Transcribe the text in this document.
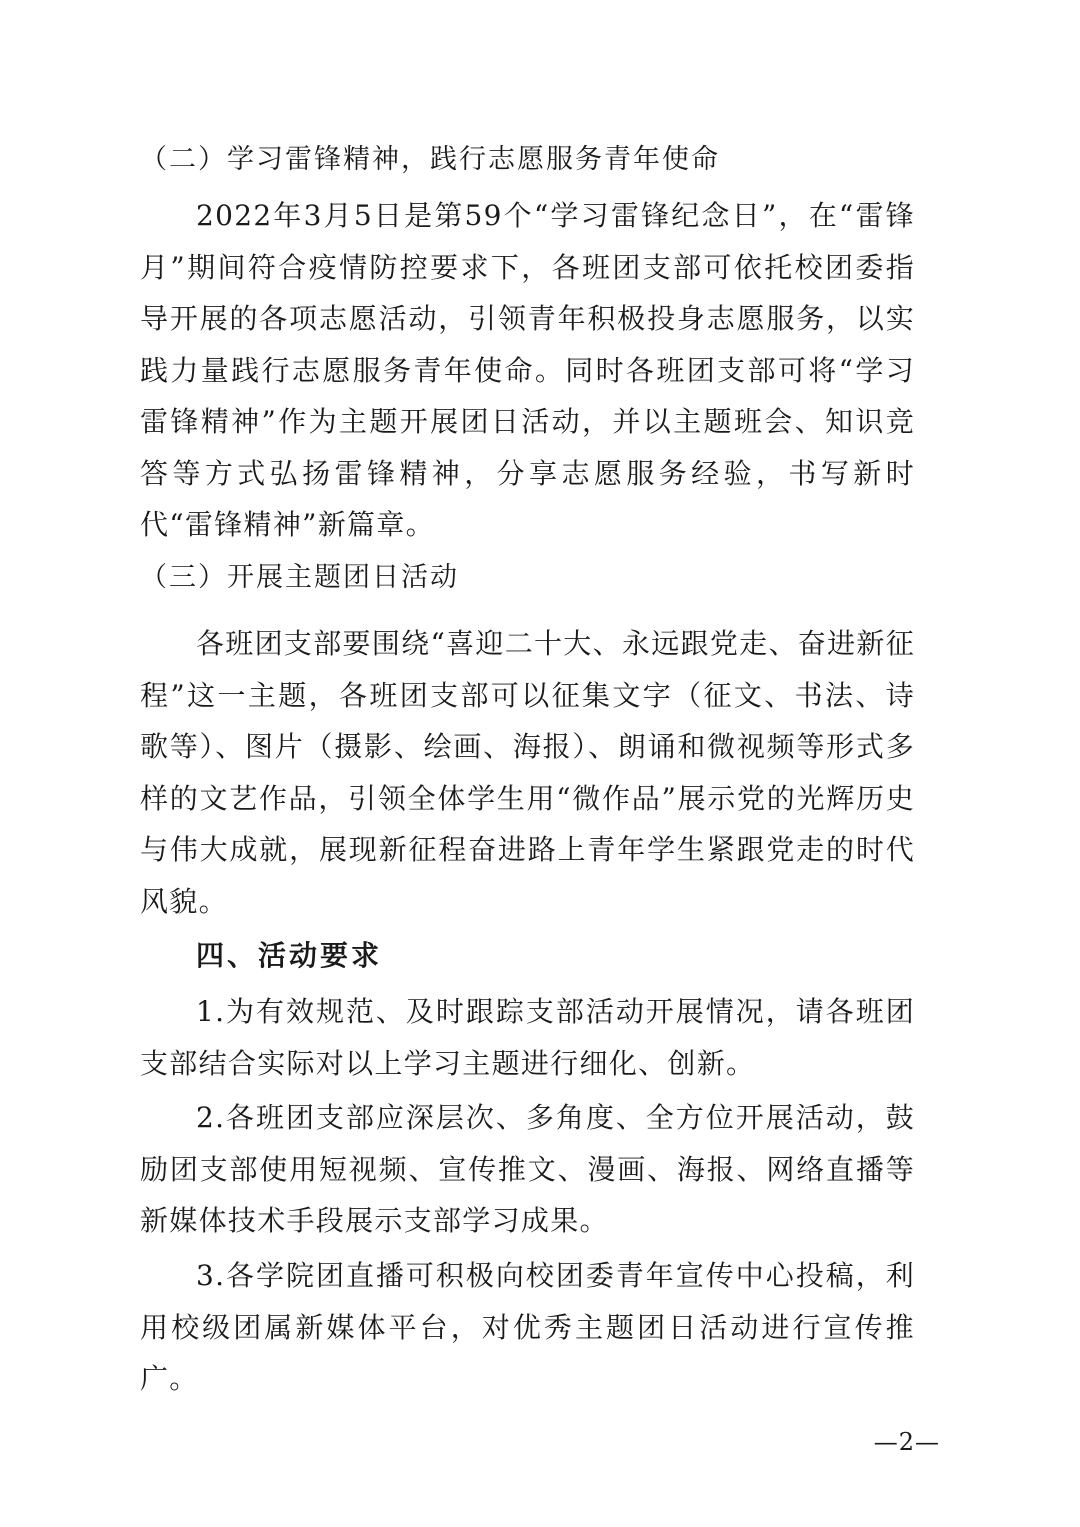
（二）学习雷锋精神，践行志愿服务青年使命

2022年3月5日是第59个“学习雷锋纪念日”，在“雷锋月”期间符合疫情防控要求下，各班团支部可依托校团委指导开展的各项志愿活动，引领青年积极投身志愿服务，以实践力量践行志愿服务青年使命。同时各班团支部可将“学习雷锋精神”作为主题开展团日活动，并以主题班会、知识竞答等方式弘扬雷锋精神，分享志愿服务经验，书写新时代“雷锋精神”新篇章。

（三）开展主题团日活动

各班团支部要围绕“喜迎二十大、永远跟党走、奋进新征程”这一主题，各班团支部可以征集文字（征文、书法、诗歌等）、图片（摄影、绘画、海报）、朗诵和微视频等形式多样的文艺作品，引领全体学生用“微作品”展示党的光辉历史与伟大成就，展现新征程奋进路上青年学生紧跟党走的时代风貌。

四、活动要求

1.为有效规范、及时跟踪支部活动开展情况，请各班团支部结合实际对以上学习主题进行细化、创新。

2.各班团支部应深层次、多角度、全方位开展活动，鼓励团支部使用短视频、宣传推文、漫画、海报、网络直播等新媒体技术手段展示支部学习成果。

3.各学院团直播可积极向校团委青年宣传中心投稿，利用校级团属新媒体平台，对优秀主题团日活动进行宣传推广。

—2—
